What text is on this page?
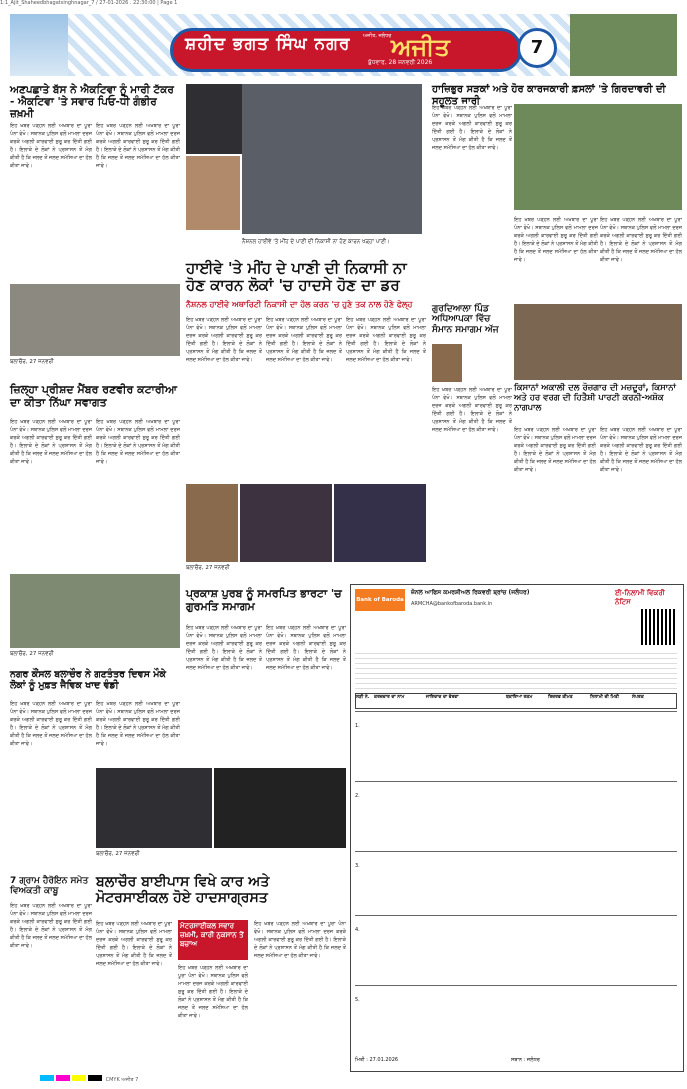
1:1_Ajit_Shaheedbhagatsinghnagar_7 / 27-01-2026 . 22:30:00 | Page 1
ਸ਼ਹੀਦ ਭਗਤ ਸਿੰਘ ਨਗਰ	ਅਜੀਤ, ਜਲੰਧਰ ਅਜੀਤ
ਬੁੱਧਵਾਰ, 28 ਜਨਵਰੀ 2026
7
ਅਣਪਛਾਤੇ ਬੱਸ ਨੇ ਐਕਟਿਵਾ ਨੂੰ ਮਾਰੀ ਟੱਕਰ - ਐਕਟਿਵਾ 'ਤੇ ਸਵਾਰ ਪਿਓ-ਧੀ ਗੰਭੀਰ ਜ਼ਖ਼ਮੀ
ਇਹ ਖ਼ਬਰ ਪੜ੍ਹਨ ਲਈ ਅਖ਼ਬਾਰ ਦਾ ਪੂਰਾ ਪੰਨਾ ਵੇਖੋ। ਸਥਾਨਕ ਪੁਲਿਸ ਵਲੋਂ ਮਾਮਲਾ ਦਰਜ ਕਰਕੇ ਅਗਲੀ ਕਾਰਵਾਈ ਸ਼ੁਰੂ ਕਰ ਦਿੱਤੀ ਗਈ ਹੈ। ਇਲਾਕੇ ਦੇ ਲੋਕਾਂ ਨੇ ਪ੍ਰਸ਼ਾਸਨ ਤੋਂ ਮੰਗ ਕੀਤੀ ਹੈ ਕਿ ਜਲਦ ਤੋਂ ਜਲਦ ਸਮੱਸਿਆ ਦਾ ਹੱਲ ਕੀਤਾ ਜਾਵੇ।
ਇਹ ਖ਼ਬਰ ਪੜ੍ਹਨ ਲਈ ਅਖ਼ਬਾਰ ਦਾ ਪੂਰਾ ਪੰਨਾ ਵੇਖੋ। ਸਥਾਨਕ ਪੁਲਿਸ ਵਲੋਂ ਮਾਮਲਾ ਦਰਜ ਕਰਕੇ ਅਗਲੀ ਕਾਰਵਾਈ ਸ਼ੁਰੂ ਕਰ ਦਿੱਤੀ ਗਈ ਹੈ। ਇਲਾਕੇ ਦੇ ਲੋਕਾਂ ਨੇ ਪ੍ਰਸ਼ਾਸਨ ਤੋਂ ਮੰਗ ਕੀਤੀ ਹੈ ਕਿ ਜਲਦ ਤੋਂ ਜਲਦ ਸਮੱਸਿਆ ਦਾ ਹੱਲ ਕੀਤਾ ਜਾਵੇ।
ਬਲਾਚੌਰ, 27 ਜਨਵਰੀ
ਨੈਸ਼ਨਲ ਹਾਈਵੇ 'ਤੇ ਮੀਂਹ ਦੇ ਪਾਣੀ ਦੀ ਨਿਕਾਸੀ ਨਾ ਹੋਣ ਕਾਰਨ ਖੜ੍ਹਾ ਪਾਣੀ।
ਹਾਈਵੇ 'ਤੇ ਮੀਂਹ ਦੇ ਪਾਣੀ ਦੀ ਨਿਕਾਸੀ ਨਾ ਹੋਣ ਕਾਰਨ ਲੋਕਾਂ 'ਚ ਹਾਦਸੇ ਹੋਣ ਦਾ ਡਰ
ਨੈਸ਼ਨਲ ਹਾਈਵੇ ਅਥਾਰਿਟੀ ਨਿਕਾਸੀ ਦਾ ਹੱਲ ਕਰਨ 'ਚ ਹੁਣੇ ਤਕ ਨਾਲ ਹੋਣੇ ਫੇਲ੍ਹ
ਇਹ ਖ਼ਬਰ ਪੜ੍ਹਨ ਲਈ ਅਖ਼ਬਾਰ ਦਾ ਪੂਰਾ ਪੰਨਾ ਵੇਖੋ। ਸਥਾਨਕ ਪੁਲਿਸ ਵਲੋਂ ਮਾਮਲਾ ਦਰਜ ਕਰਕੇ ਅਗਲੀ ਕਾਰਵਾਈ ਸ਼ੁਰੂ ਕਰ ਦਿੱਤੀ ਗਈ ਹੈ। ਇਲਾਕੇ ਦੇ ਲੋਕਾਂ ਨੇ ਪ੍ਰਸ਼ਾਸਨ ਤੋਂ ਮੰਗ ਕੀਤੀ ਹੈ ਕਿ ਜਲਦ ਤੋਂ ਜਲਦ ਸਮੱਸਿਆ ਦਾ ਹੱਲ ਕੀਤਾ ਜਾਵੇ।
ਇਹ ਖ਼ਬਰ ਪੜ੍ਹਨ ਲਈ ਅਖ਼ਬਾਰ ਦਾ ਪੂਰਾ ਪੰਨਾ ਵੇਖੋ। ਸਥਾਨਕ ਪੁਲਿਸ ਵਲੋਂ ਮਾਮਲਾ ਦਰਜ ਕਰਕੇ ਅਗਲੀ ਕਾਰਵਾਈ ਸ਼ੁਰੂ ਕਰ ਦਿੱਤੀ ਗਈ ਹੈ। ਇਲਾਕੇ ਦੇ ਲੋਕਾਂ ਨੇ ਪ੍ਰਸ਼ਾਸਨ ਤੋਂ ਮੰਗ ਕੀਤੀ ਹੈ ਕਿ ਜਲਦ ਤੋਂ ਜਲਦ ਸਮੱਸਿਆ ਦਾ ਹੱਲ ਕੀਤਾ ਜਾਵੇ।
ਇਹ ਖ਼ਬਰ ਪੜ੍ਹਨ ਲਈ ਅਖ਼ਬਾਰ ਦਾ ਪੂਰਾ ਪੰਨਾ ਵੇਖੋ। ਸਥਾਨਕ ਪੁਲਿਸ ਵਲੋਂ ਮਾਮਲਾ ਦਰਜ ਕਰਕੇ ਅਗਲੀ ਕਾਰਵਾਈ ਸ਼ੁਰੂ ਕਰ ਦਿੱਤੀ ਗਈ ਹੈ। ਇਲਾਕੇ ਦੇ ਲੋਕਾਂ ਨੇ ਪ੍ਰਸ਼ਾਸਨ ਤੋਂ ਮੰਗ ਕੀਤੀ ਹੈ ਕਿ ਜਲਦ ਤੋਂ ਜਲਦ ਸਮੱਸਿਆ ਦਾ ਹੱਲ ਕੀਤਾ ਜਾਵੇ।
ਹਾਜ਼ਿਭੁਰ ਸੜਕਾਂ ਅਤੇ ਹੋਰ ਕਾਰਜਕਾਰੀ ਫ਼ਸਲਾਂ 'ਤੇ ਗਿਰਦਾਵਰੀ ਦੀ ਸਹੂਲਤ ਜਾਰੀ
ਇਹ ਖ਼ਬਰ ਪੜ੍ਹਨ ਲਈ ਅਖ਼ਬਾਰ ਦਾ ਪੂਰਾ ਪੰਨਾ ਵੇਖੋ। ਸਥਾਨਕ ਪੁਲਿਸ ਵਲੋਂ ਮਾਮਲਾ ਦਰਜ ਕਰਕੇ ਅਗਲੀ ਕਾਰਵਾਈ ਸ਼ੁਰੂ ਕਰ ਦਿੱਤੀ ਗਈ ਹੈ। ਇਲਾਕੇ ਦੇ ਲੋਕਾਂ ਨੇ ਪ੍ਰਸ਼ਾਸਨ ਤੋਂ ਮੰਗ ਕੀਤੀ ਹੈ ਕਿ ਜਲਦ ਤੋਂ ਜਲਦ ਸਮੱਸਿਆ ਦਾ ਹੱਲ ਕੀਤਾ ਜਾਵੇ।
ਇਹ ਖ਼ਬਰ ਪੜ੍ਹਨ ਲਈ ਅਖ਼ਬਾਰ ਦਾ ਪੂਰਾ ਪੰਨਾ ਵੇਖੋ। ਸਥਾਨਕ ਪੁਲਿਸ ਵਲੋਂ ਮਾਮਲਾ ਦਰਜ ਕਰਕੇ ਅਗਲੀ ਕਾਰਵਾਈ ਸ਼ੁਰੂ ਕਰ ਦਿੱਤੀ ਗਈ ਹੈ। ਇਲਾਕੇ ਦੇ ਲੋਕਾਂ ਨੇ ਪ੍ਰਸ਼ਾਸਨ ਤੋਂ ਮੰਗ ਕੀਤੀ ਹੈ ਕਿ ਜਲਦ ਤੋਂ ਜਲਦ ਸਮੱਸਿਆ ਦਾ ਹੱਲ ਕੀਤਾ ਜਾਵੇ।
ਇਹ ਖ਼ਬਰ ਪੜ੍ਹਨ ਲਈ ਅਖ਼ਬਾਰ ਦਾ ਪੂਰਾ ਪੰਨਾ ਵੇਖੋ। ਸਥਾਨਕ ਪੁਲਿਸ ਵਲੋਂ ਮਾਮਲਾ ਦਰਜ ਕਰਕੇ ਅਗਲੀ ਕਾਰਵਾਈ ਸ਼ੁਰੂ ਕਰ ਦਿੱਤੀ ਗਈ ਹੈ। ਇਲਾਕੇ ਦੇ ਲੋਕਾਂ ਨੇ ਪ੍ਰਸ਼ਾਸਨ ਤੋਂ ਮੰਗ ਕੀਤੀ ਹੈ ਕਿ ਜਲਦ ਤੋਂ ਜਲਦ ਸਮੱਸਿਆ ਦਾ ਹੱਲ ਕੀਤਾ ਜਾਵੇ।
ਜ਼ਿਲ੍ਹਾ ਪ੍ਰੀਸ਼ਦ ਮੈਂਬਰ ਰਣਵੀਰ ਕਟਾਰੀਆ ਦਾ ਕੀਤਾ ਨਿੱਘਾ ਸਵਾਗਤ
ਇਹ ਖ਼ਬਰ ਪੜ੍ਹਨ ਲਈ ਅਖ਼ਬਾਰ ਦਾ ਪੂਰਾ ਪੰਨਾ ਵੇਖੋ। ਸਥਾਨਕ ਪੁਲਿਸ ਵਲੋਂ ਮਾਮਲਾ ਦਰਜ ਕਰਕੇ ਅਗਲੀ ਕਾਰਵਾਈ ਸ਼ੁਰੂ ਕਰ ਦਿੱਤੀ ਗਈ ਹੈ। ਇਲਾਕੇ ਦੇ ਲੋਕਾਂ ਨੇ ਪ੍ਰਸ਼ਾਸਨ ਤੋਂ ਮੰਗ ਕੀਤੀ ਹੈ ਕਿ ਜਲਦ ਤੋਂ ਜਲਦ ਸਮੱਸਿਆ ਦਾ ਹੱਲ ਕੀਤਾ ਜਾਵੇ।
ਇਹ ਖ਼ਬਰ ਪੜ੍ਹਨ ਲਈ ਅਖ਼ਬਾਰ ਦਾ ਪੂਰਾ ਪੰਨਾ ਵੇਖੋ। ਸਥਾਨਕ ਪੁਲਿਸ ਵਲੋਂ ਮਾਮਲਾ ਦਰਜ ਕਰਕੇ ਅਗਲੀ ਕਾਰਵਾਈ ਸ਼ੁਰੂ ਕਰ ਦਿੱਤੀ ਗਈ ਹੈ। ਇਲਾਕੇ ਦੇ ਲੋਕਾਂ ਨੇ ਪ੍ਰਸ਼ਾਸਨ ਤੋਂ ਮੰਗ ਕੀਤੀ ਹੈ ਕਿ ਜਲਦ ਤੋਂ ਜਲਦ ਸਮੱਸਿਆ ਦਾ ਹੱਲ ਕੀਤਾ ਜਾਵੇ।
ਗੁਰਦਿਆਲਾ ਪਿੰਡ ਅਧਿਆਪਕਾ ਵਿੱਚ ਸੰਮਾਨ ਸਮਾਗਮ ਅੱਜ
ਇਹ ਖ਼ਬਰ ਪੜ੍ਹਨ ਲਈ ਅਖ਼ਬਾਰ ਦਾ ਪੂਰਾ ਪੰਨਾ ਵੇਖੋ। ਸਥਾਨਕ ਪੁਲਿਸ ਵਲੋਂ ਮਾਮਲਾ ਦਰਜ ਕਰਕੇ ਅਗਲੀ ਕਾਰਵਾਈ ਸ਼ੁਰੂ ਕਰ ਦਿੱਤੀ ਗਈ ਹੈ। ਇਲਾਕੇ ਦੇ ਲੋਕਾਂ ਨੇ ਪ੍ਰਸ਼ਾਸਨ ਤੋਂ ਮੰਗ ਕੀਤੀ ਹੈ ਕਿ ਜਲਦ ਤੋਂ ਜਲਦ ਸਮੱਸਿਆ ਦਾ ਹੱਲ ਕੀਤਾ ਜਾਵੇ।
ਕਿਸਾਨਾਂ ਅਕਾਲੀ ਦਲ ਰੋਜ਼ਗਾਰ ਦੀ ਮਜ਼ਦੂਰਾਂ, ਕਿਸਾਨਾਂ ਅਤੇ ਹਰ ਵਰਗ ਦੀ ਹਿਤੈਸ਼ੀ ਪਾਰਟੀ ਕਰਨੀ-ਅਸ਼ੋਕ ਨਾਗਪਾਲ
ਇਹ ਖ਼ਬਰ ਪੜ੍ਹਨ ਲਈ ਅਖ਼ਬਾਰ ਦਾ ਪੂਰਾ ਪੰਨਾ ਵੇਖੋ। ਸਥਾਨਕ ਪੁਲਿਸ ਵਲੋਂ ਮਾਮਲਾ ਦਰਜ ਕਰਕੇ ਅਗਲੀ ਕਾਰਵਾਈ ਸ਼ੁਰੂ ਕਰ ਦਿੱਤੀ ਗਈ ਹੈ। ਇਲਾਕੇ ਦੇ ਲੋਕਾਂ ਨੇ ਪ੍ਰਸ਼ਾਸਨ ਤੋਂ ਮੰਗ ਕੀਤੀ ਹੈ ਕਿ ਜਲਦ ਤੋਂ ਜਲਦ ਸਮੱਸਿਆ ਦਾ ਹੱਲ ਕੀਤਾ ਜਾਵੇ।
ਇਹ ਖ਼ਬਰ ਪੜ੍ਹਨ ਲਈ ਅਖ਼ਬਾਰ ਦਾ ਪੂਰਾ ਪੰਨਾ ਵੇਖੋ। ਸਥਾਨਕ ਪੁਲਿਸ ਵਲੋਂ ਮਾਮਲਾ ਦਰਜ ਕਰਕੇ ਅਗਲੀ ਕਾਰਵਾਈ ਸ਼ੁਰੂ ਕਰ ਦਿੱਤੀ ਗਈ ਹੈ। ਇਲਾਕੇ ਦੇ ਲੋਕਾਂ ਨੇ ਪ੍ਰਸ਼ਾਸਨ ਤੋਂ ਮੰਗ ਕੀਤੀ ਹੈ ਕਿ ਜਲਦ ਤੋਂ ਜਲਦ ਸਮੱਸਿਆ ਦਾ ਹੱਲ ਕੀਤਾ ਜਾਵੇ।
ਬਲਾਚੌਰ, 27 ਜਨਵਰੀ
ਬਲਾਚੌਰ, 27 ਜਨਵਰੀ
ਨਗਰ ਕੌਂਸਲ ਬਲਾਚੌਰ ਨੇ ਗਣਤੰਤਰ ਦਿਵਸ ਮੌਕੇ ਲੋਕਾਂ ਨੂੰ ਮੁਫ਼ਤ ਜੈਵਿਕ ਖਾਦ ਵੰਡੀ
ਇਹ ਖ਼ਬਰ ਪੜ੍ਹਨ ਲਈ ਅਖ਼ਬਾਰ ਦਾ ਪੂਰਾ ਪੰਨਾ ਵੇਖੋ। ਸਥਾਨਕ ਪੁਲਿਸ ਵਲੋਂ ਮਾਮਲਾ ਦਰਜ ਕਰਕੇ ਅਗਲੀ ਕਾਰਵਾਈ ਸ਼ੁਰੂ ਕਰ ਦਿੱਤੀ ਗਈ ਹੈ। ਇਲਾਕੇ ਦੇ ਲੋਕਾਂ ਨੇ ਪ੍ਰਸ਼ਾਸਨ ਤੋਂ ਮੰਗ ਕੀਤੀ ਹੈ ਕਿ ਜਲਦ ਤੋਂ ਜਲਦ ਸਮੱਸਿਆ ਦਾ ਹੱਲ ਕੀਤਾ ਜਾਵੇ।
ਇਹ ਖ਼ਬਰ ਪੜ੍ਹਨ ਲਈ ਅਖ਼ਬਾਰ ਦਾ ਪੂਰਾ ਪੰਨਾ ਵੇਖੋ। ਸਥਾਨਕ ਪੁਲਿਸ ਵਲੋਂ ਮਾਮਲਾ ਦਰਜ ਕਰਕੇ ਅਗਲੀ ਕਾਰਵਾਈ ਸ਼ੁਰੂ ਕਰ ਦਿੱਤੀ ਗਈ ਹੈ। ਇਲਾਕੇ ਦੇ ਲੋਕਾਂ ਨੇ ਪ੍ਰਸ਼ਾਸਨ ਤੋਂ ਮੰਗ ਕੀਤੀ ਹੈ ਕਿ ਜਲਦ ਤੋਂ ਜਲਦ ਸਮੱਸਿਆ ਦਾ ਹੱਲ ਕੀਤਾ ਜਾਵੇ।
7 ਗ੍ਰਾਮ ਹੈਰੋਇਨ ਸਮੇਤ ਵਿਅਕਤੀ ਕਾਬੂ
ਇਹ ਖ਼ਬਰ ਪੜ੍ਹਨ ਲਈ ਅਖ਼ਬਾਰ ਦਾ ਪੂਰਾ ਪੰਨਾ ਵੇਖੋ। ਸਥਾਨਕ ਪੁਲਿਸ ਵਲੋਂ ਮਾਮਲਾ ਦਰਜ ਕਰਕੇ ਅਗਲੀ ਕਾਰਵਾਈ ਸ਼ੁਰੂ ਕਰ ਦਿੱਤੀ ਗਈ ਹੈ। ਇਲਾਕੇ ਦੇ ਲੋਕਾਂ ਨੇ ਪ੍ਰਸ਼ਾਸਨ ਤੋਂ ਮੰਗ ਕੀਤੀ ਹੈ ਕਿ ਜਲਦ ਤੋਂ ਜਲਦ ਸਮੱਸਿਆ ਦਾ ਹੱਲ ਕੀਤਾ ਜਾਵੇ।
ਪ੍ਰਕਾਸ਼ ਪੁਰਬ ਨੂੰ ਸਮਰਪਿਤ ਭਾਰਟਾ 'ਚ ਗੁਰਮਤਿ ਸਮਾਗਮ
ਇਹ ਖ਼ਬਰ ਪੜ੍ਹਨ ਲਈ ਅਖ਼ਬਾਰ ਦਾ ਪੂਰਾ ਪੰਨਾ ਵੇਖੋ। ਸਥਾਨਕ ਪੁਲਿਸ ਵਲੋਂ ਮਾਮਲਾ ਦਰਜ ਕਰਕੇ ਅਗਲੀ ਕਾਰਵਾਈ ਸ਼ੁਰੂ ਕਰ ਦਿੱਤੀ ਗਈ ਹੈ। ਇਲਾਕੇ ਦੇ ਲੋਕਾਂ ਨੇ ਪ੍ਰਸ਼ਾਸਨ ਤੋਂ ਮੰਗ ਕੀਤੀ ਹੈ ਕਿ ਜਲਦ ਤੋਂ ਜਲਦ ਸਮੱਸਿਆ ਦਾ ਹੱਲ ਕੀਤਾ ਜਾਵੇ।
ਇਹ ਖ਼ਬਰ ਪੜ੍ਹਨ ਲਈ ਅਖ਼ਬਾਰ ਦਾ ਪੂਰਾ ਪੰਨਾ ਵੇਖੋ। ਸਥਾਨਕ ਪੁਲਿਸ ਵਲੋਂ ਮਾਮਲਾ ਦਰਜ ਕਰਕੇ ਅਗਲੀ ਕਾਰਵਾਈ ਸ਼ੁਰੂ ਕਰ ਦਿੱਤੀ ਗਈ ਹੈ। ਇਲਾਕੇ ਦੇ ਲੋਕਾਂ ਨੇ ਪ੍ਰਸ਼ਾਸਨ ਤੋਂ ਮੰਗ ਕੀਤੀ ਹੈ ਕਿ ਜਲਦ ਤੋਂ ਜਲਦ ਸਮੱਸਿਆ ਦਾ ਹੱਲ ਕੀਤਾ ਜਾਵੇ।
ਬਲਾਚੌਰ, 27 ਜਨਵਰੀ
ਬਲਾਚੌਰ ਬਾਈਪਾਸ ਵਿਖੇ ਕਾਰ ਅਤੇ ਮੋਟਰਸਾਈਕਲ ਹੋਏ ਹਾਦਸਾਗ੍ਰਸਤ
ਇਹ ਖ਼ਬਰ ਪੜ੍ਹਨ ਲਈ ਅਖ਼ਬਾਰ ਦਾ ਪੂਰਾ ਪੰਨਾ ਵੇਖੋ। ਸਥਾਨਕ ਪੁਲਿਸ ਵਲੋਂ ਮਾਮਲਾ ਦਰਜ ਕਰਕੇ ਅਗਲੀ ਕਾਰਵਾਈ ਸ਼ੁਰੂ ਕਰ ਦਿੱਤੀ ਗਈ ਹੈ। ਇਲਾਕੇ ਦੇ ਲੋਕਾਂ ਨੇ ਪ੍ਰਸ਼ਾਸਨ ਤੋਂ ਮੰਗ ਕੀਤੀ ਹੈ ਕਿ ਜਲਦ ਤੋਂ ਜਲਦ ਸਮੱਸਿਆ ਦਾ ਹੱਲ ਕੀਤਾ ਜਾਵੇ।
ਮੋਟਰਸਾਈਕਲ ਸਵਾਰ ਜ਼ਖ਼ਮੀ, ਕਾਰੀ ਨੁਕਸਾਨ ਤੋਂ ਬਚਾਅ
ਇਹ ਖ਼ਬਰ ਪੜ੍ਹਨ ਲਈ ਅਖ਼ਬਾਰ ਦਾ ਪੂਰਾ ਪੰਨਾ ਵੇਖੋ। ਸਥਾਨਕ ਪੁਲਿਸ ਵਲੋਂ ਮਾਮਲਾ ਦਰਜ ਕਰਕੇ ਅਗਲੀ ਕਾਰਵਾਈ ਸ਼ੁਰੂ ਕਰ ਦਿੱਤੀ ਗਈ ਹੈ। ਇਲਾਕੇ ਦੇ ਲੋਕਾਂ ਨੇ ਪ੍ਰਸ਼ਾਸਨ ਤੋਂ ਮੰਗ ਕੀਤੀ ਹੈ ਕਿ ਜਲਦ ਤੋਂ ਜਲਦ ਸਮੱਸਿਆ ਦਾ ਹੱਲ ਕੀਤਾ ਜਾਵੇ।
ਇਹ ਖ਼ਬਰ ਪੜ੍ਹਨ ਲਈ ਅਖ਼ਬਾਰ ਦਾ ਪੂਰਾ ਪੰਨਾ ਵੇਖੋ। ਸਥਾਨਕ ਪੁਲਿਸ ਵਲੋਂ ਮਾਮਲਾ ਦਰਜ ਕਰਕੇ ਅਗਲੀ ਕਾਰਵਾਈ ਸ਼ੁਰੂ ਕਰ ਦਿੱਤੀ ਗਈ ਹੈ। ਇਲਾਕੇ ਦੇ ਲੋਕਾਂ ਨੇ ਪ੍ਰਸ਼ਾਸਨ ਤੋਂ ਮੰਗ ਕੀਤੀ ਹੈ ਕਿ ਜਲਦ ਤੋਂ ਜਲਦ ਸਮੱਸਿਆ ਦਾ ਹੱਲ ਕੀਤਾ ਜਾਵੇ।
Bank of Baroda
ਜ਼ੋਨਲ ਆਫਿਸ ਕਮਰਸ਼ੀਅਲ ਰਿਕਵਰੀ ਬ੍ਰਾਂਚ (ਜਲੰਧਰ)
ARMCHA@bankofbaroda.bank.in
ਈ-ਨਿਲਾਮੀ ਵਿਕਰੀ ਨੋਟਿਸ
ਲੜੀ ਨੰ.	ਕਰਜ਼ਦਾਰ ਦਾ ਨਾਮ	ਜਾਇਦਾਦ ਦਾ ਵੇਰਵਾ	ਬਕਾਇਆ ਰਕਮ	ਰਿਜ਼ਰਵ ਕੀਮਤ	ਨਿਲਾਮੀ ਦੀ ਮਿਤੀ	ਸੰਪਰਕ
1.
2.
3.
4.
5.
ਮਿਤੀ : 27.01.2026	ਸਥਾਨ : ਜਲੰਧਰ
CMYK ਅਜੀਤ 7
